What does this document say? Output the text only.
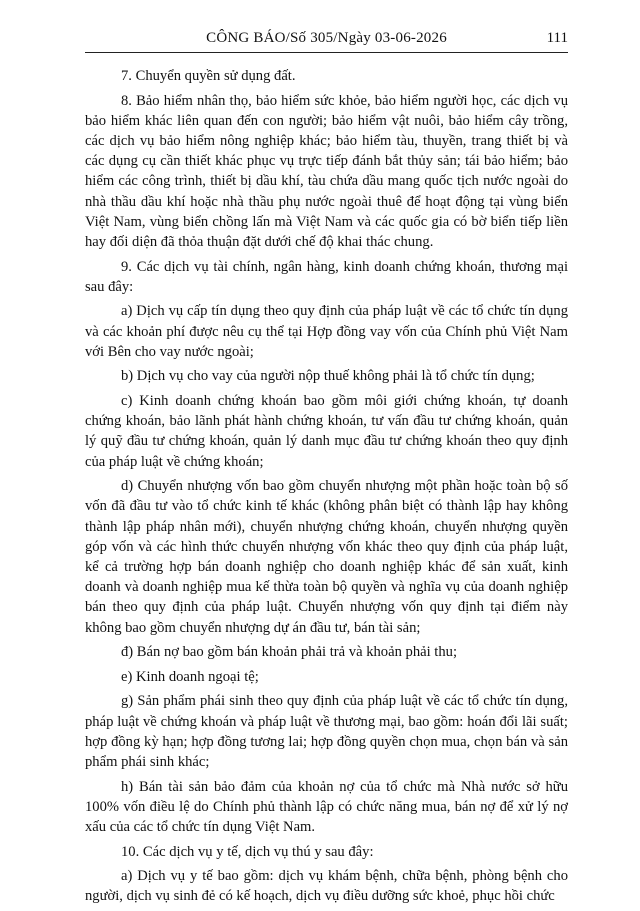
CÔNG BÁO/Số 305/Ngày 03-06-2026	111

7. Chuyển quyền sử dụng đất.

8. Bảo hiểm nhân thọ, bảo hiểm sức khỏe, bảo hiểm người học, các dịch vụ bảo hiểm khác liên quan đến con người; bảo hiểm vật nuôi, bảo hiểm cây trồng, các dịch vụ bảo hiểm nông nghiệp khác; bảo hiểm tàu, thuyền, trang thiết bị và các dụng cụ cần thiết khác phục vụ trực tiếp đánh bắt thủy sản; tái bảo hiểm; bảo hiểm các công trình, thiết bị dầu khí, tàu chứa dầu mang quốc tịch nước ngoài do nhà thầu dầu khí hoặc nhà thầu phụ nước ngoài thuê để hoạt động tại vùng biển Việt Nam, vùng biển chồng lấn mà Việt Nam và các quốc gia có bờ biển tiếp liền hay đối diện đã thỏa thuận đặt dưới chế độ khai thác chung.

9. Các dịch vụ tài chính, ngân hàng, kinh doanh chứng khoán, thương mại sau đây:

a) Dịch vụ cấp tín dụng theo quy định của pháp luật về các tổ chức tín dụng và các khoản phí được nêu cụ thể tại Hợp đồng vay vốn của Chính phủ Việt Nam với Bên cho vay nước ngoài;

b) Dịch vụ cho vay của người nộp thuế không phải là tổ chức tín dụng;

c) Kinh doanh chứng khoán bao gồm môi giới chứng khoán, tự doanh chứng khoán, bảo lãnh phát hành chứng khoán, tư vấn đầu tư chứng khoán, quản lý quỹ đầu tư chứng khoán, quản lý danh mục đầu tư chứng khoán theo quy định của pháp luật về chứng khoán;

d) Chuyển nhượng vốn bao gồm chuyển nhượng một phần hoặc toàn bộ số vốn đã đầu tư vào tổ chức kinh tế khác (không phân biệt có thành lập hay không thành lập pháp nhân mới), chuyển nhượng chứng khoán, chuyển nhượng quyền góp vốn và các hình thức chuyển nhượng vốn khác theo quy định của pháp luật, kể cả trường hợp bán doanh nghiệp cho doanh nghiệp khác để sản xuất, kinh doanh và doanh nghiệp mua kế thừa toàn bộ quyền và nghĩa vụ của doanh nghiệp bán theo quy định của pháp luật. Chuyển nhượng vốn quy định tại điểm này không bao gồm chuyển nhượng dự án đầu tư, bán tài sản;

đ) Bán nợ bao gồm bán khoản phải trả và khoản phải thu;

e) Kinh doanh ngoại tệ;

g) Sản phẩm phái sinh theo quy định của pháp luật về các tổ chức tín dụng, pháp luật về chứng khoán và pháp luật về thương mại, bao gồm: hoán đổi lãi suất; hợp đồng kỳ hạn; hợp đồng tương lai; hợp đồng quyền chọn mua, chọn bán và sản phẩm phái sinh khác;

h) Bán tài sản bảo đảm của khoản nợ của tổ chức mà Nhà nước sở hữu 100% vốn điều lệ do Chính phủ thành lập có chức năng mua, bán nợ để xử lý nợ xấu của các tổ chức tín dụng Việt Nam.

10. Các dịch vụ y tế, dịch vụ thú y sau đây:

a) Dịch vụ y tế bao gồm: dịch vụ khám bệnh, chữa bệnh, phòng bệnh cho người, dịch vụ sinh đẻ có kế hoạch, dịch vụ điều dưỡng sức khoẻ, phục hồi chức
